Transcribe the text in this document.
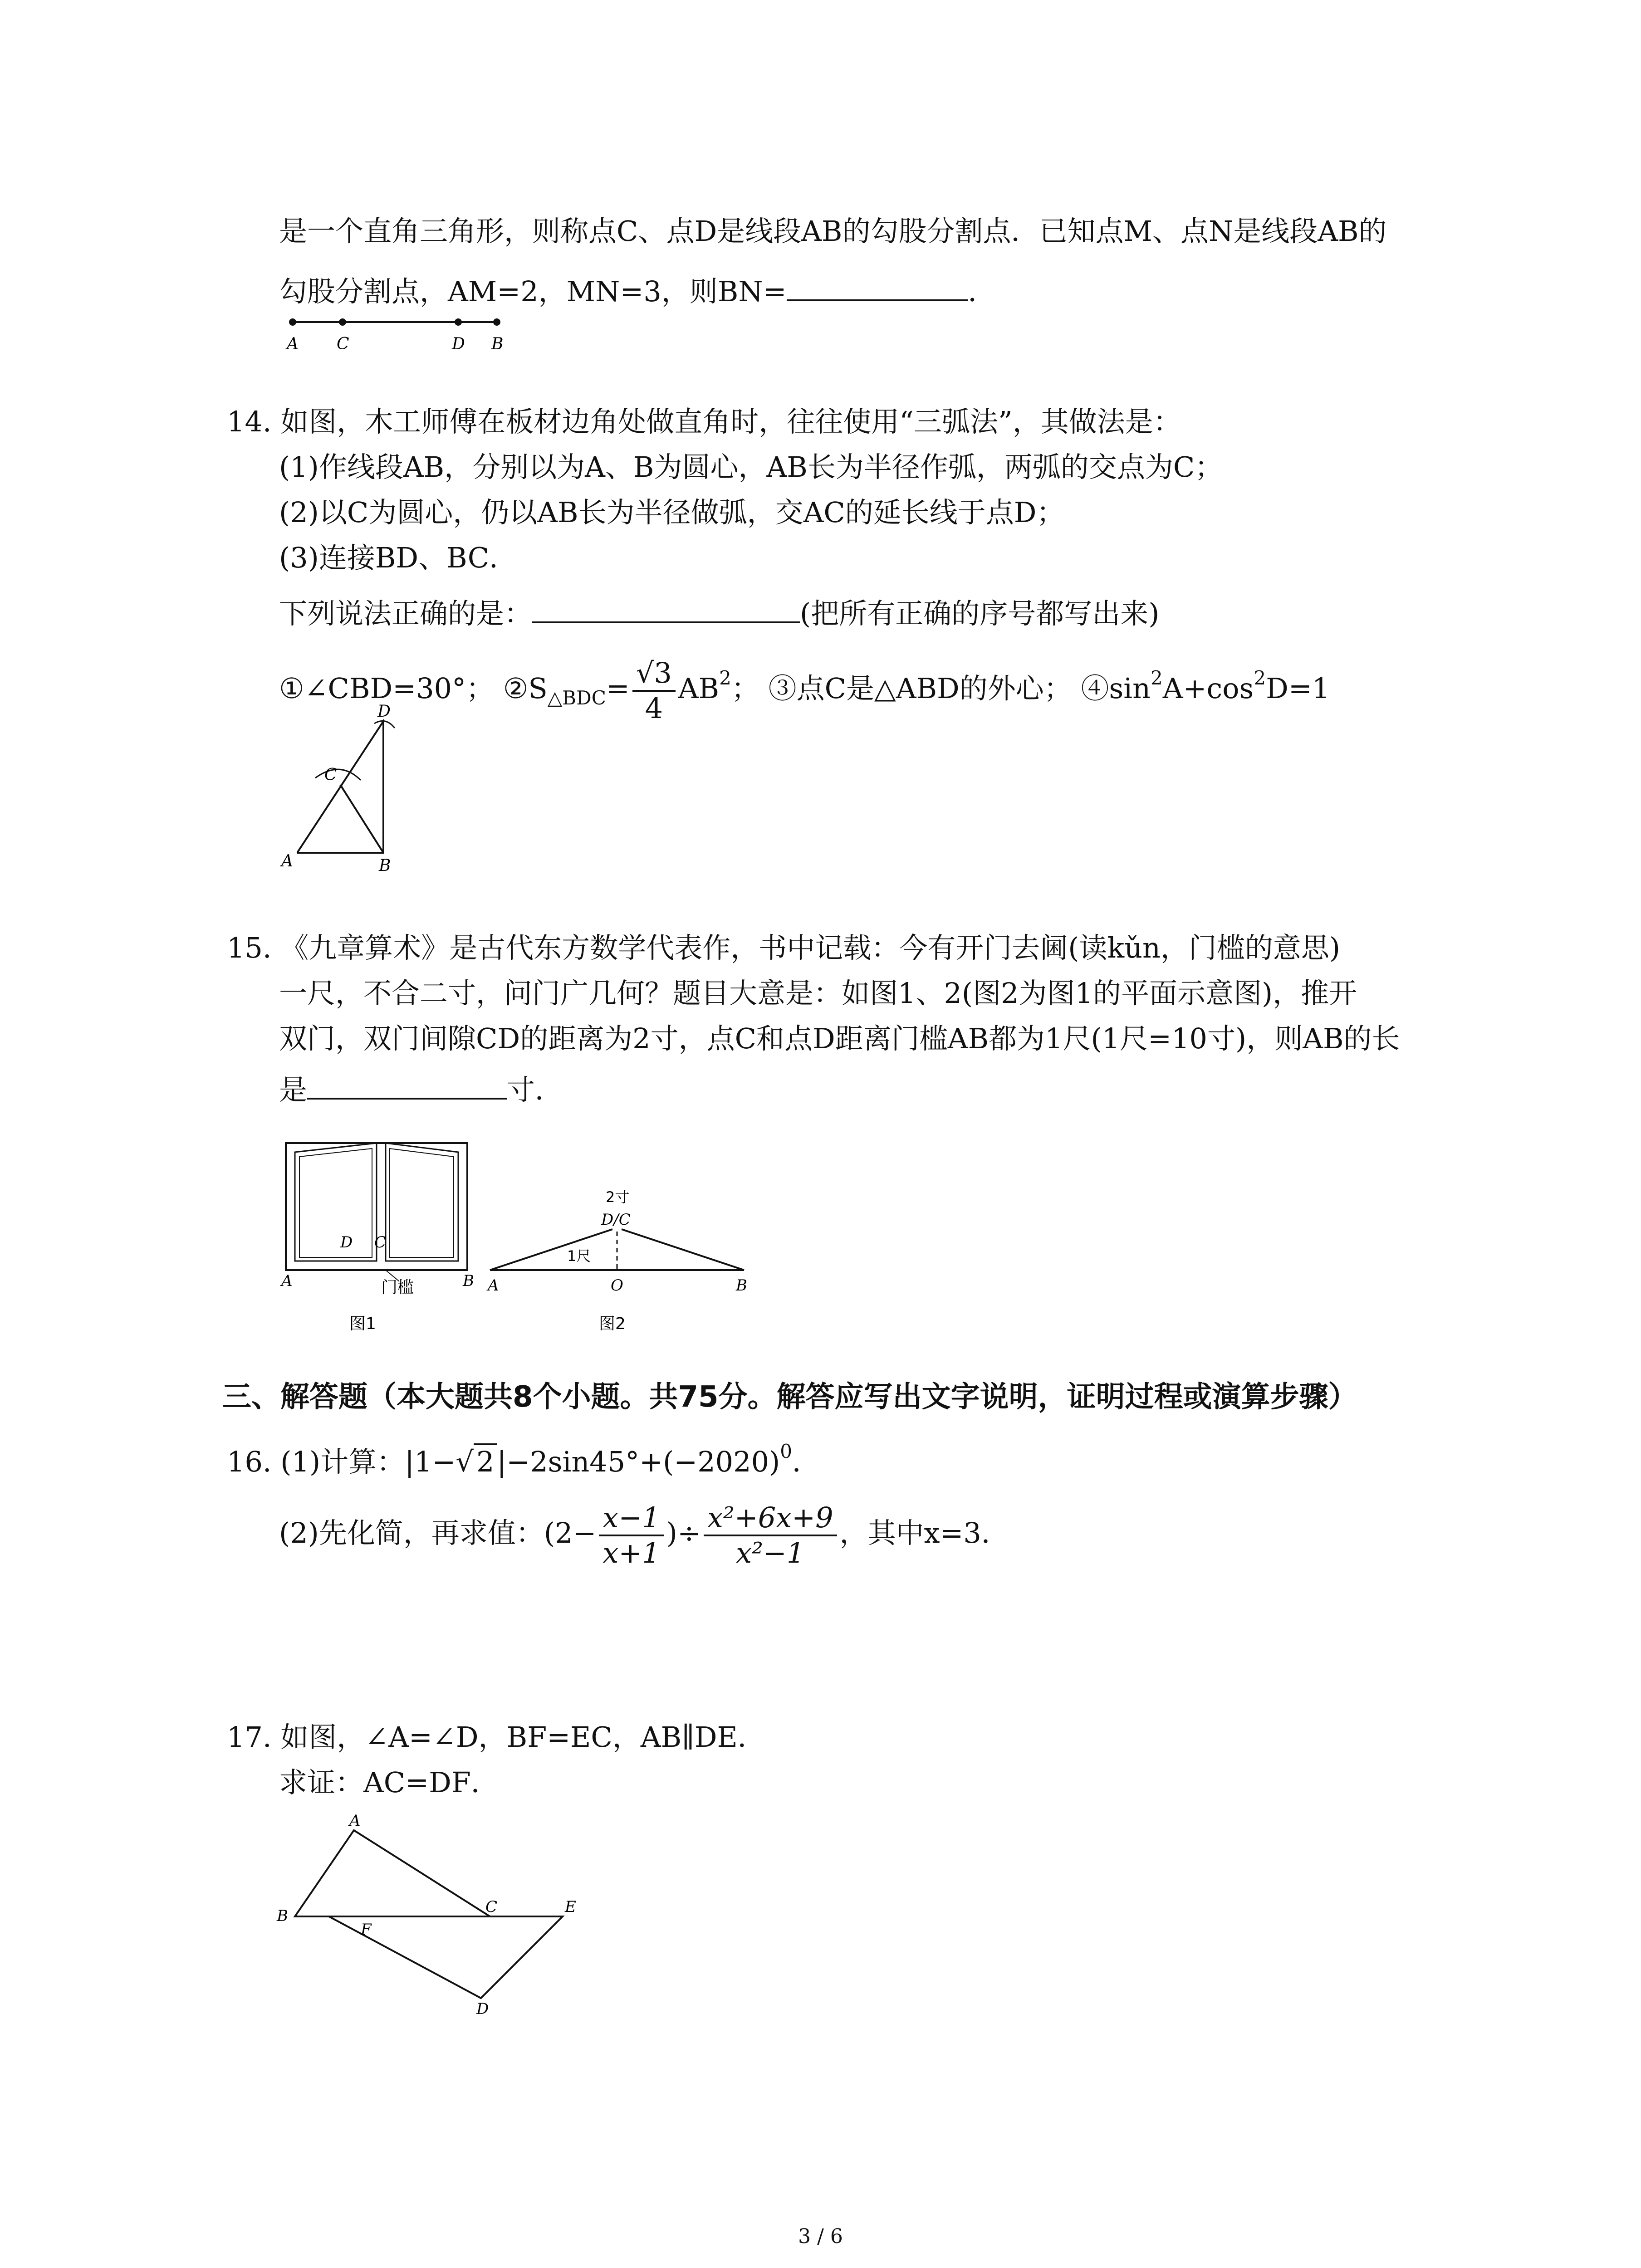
是一个直角三角形，则称点C、点D是线段AB的勾股分割点．已知点M、点N是线段AB的
勾股分割点，AM=2，MN=3，则BN=	．
A C	D B
14. 如图，木工师傅在板材边角处做直角时，往往使用“三弧法”，其做法是：
(1)作线段AB，分别以为A、B为圆心，AB长为半径作弧，两弧的交点为C；
(2)以C为圆心，仍以AB长为半径做弧，交AC的延长线于点D；
(3)连接BD、BC．
下列说法正确的是：	(把所有正确的序号都写出来)
①∠CBD=30°； $②S_{\triangle BDC}= \frac{√3}{4} AB^2$； ③点C是△ABD的外心； $④\sin^2A+\cos^2D=1$
A	B
C
D
15. 《九章算术》是古代东方数学代表作，书中记载：今有开门去阃(读kǔn，门槛的意思)
一尺，不合二寸，问门广几何？题目大意是：如图1、2(图2为图1的平面示意图)，推开
双门，双门间隙CD的距离为2寸，点C和点D距离门槛AB都为1尺(1尺=10寸)，则AB的长
是	寸．
A	B
D C
门槛
图1
A	B
O
D/C
2寸
1尺
图2
三、解答题（本大题共8个小题。共75分。解答应写出文字说明，证明过程或演算步骤）
16. (1)计算：$|1-√2|-2\sin 45^\circ+(-2020)^0$．
(2)先化简，再求值：($2- \frac{x-1}{x+1}$ )÷ $\frac{\text{x²+6x+9}}{\text{x²−1}}$ ，其中x=3．
17. 如图，∠A=∠D，BF=EC，AB∥DE．
求证：AC=DF．
A
B	C	E
F
D
3 / 6
